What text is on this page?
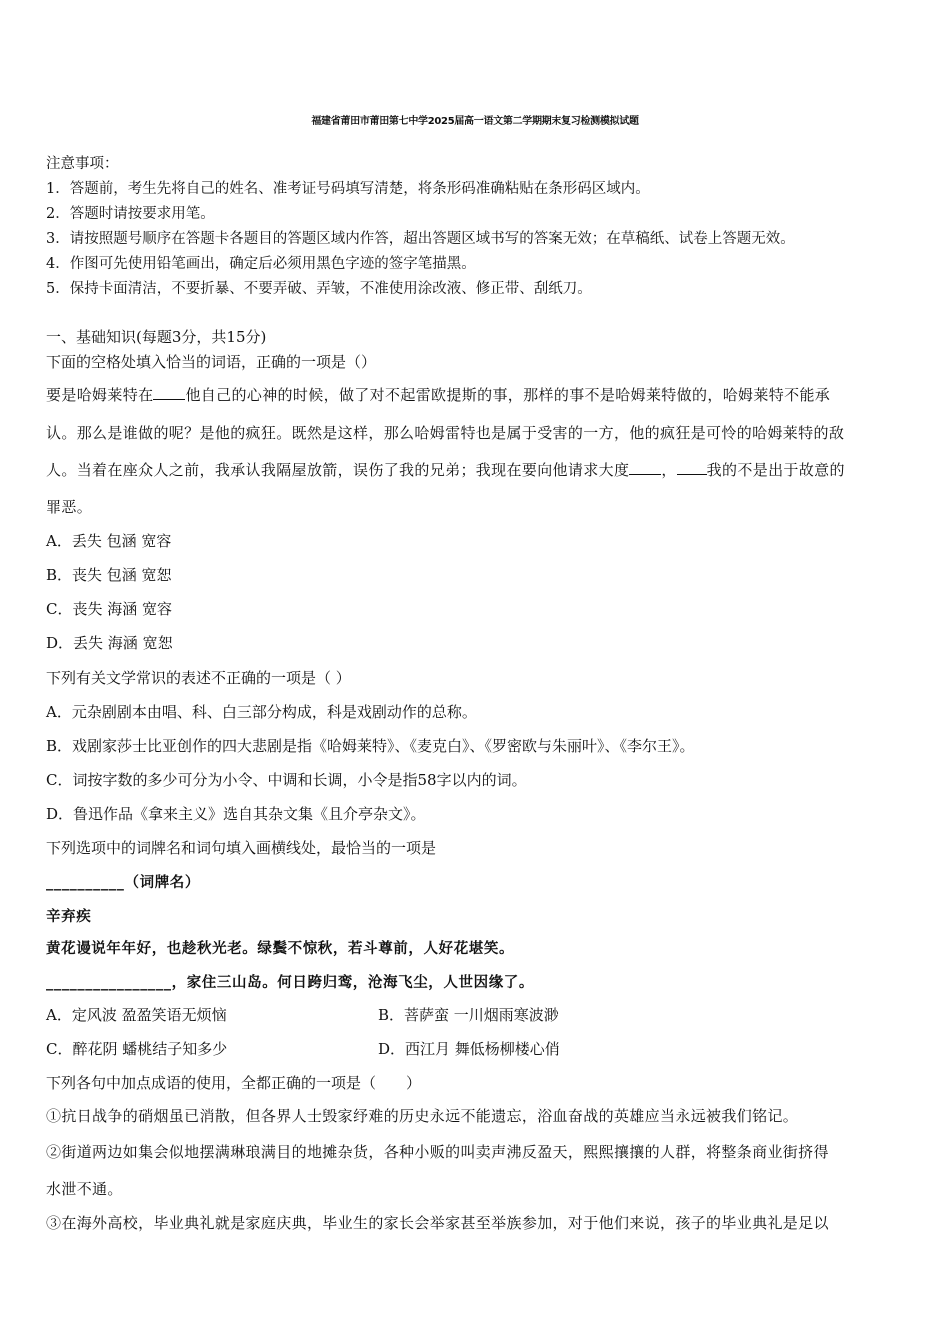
福建省莆田市莆田第七中学2025届高一语文第二学期期末复习检测模拟试题
注意事项：
1．答题前，考生先将自己的姓名、准考证号码填写清楚，将条形码准确粘贴在条形码区域内。
2．答题时请按要求用笔。
3．请按照题号顺序在答题卡各题目的答题区域内作答，超出答题区域书写的答案无效；在草稿纸、试卷上答题无效。
4．作图可先使用铅笔画出，确定后必须用黑色字迹的签字笔描黑。
5．保持卡面清洁，不要折暴、不要弄破、弄皱，不准使用涂改液、修正带、刮纸刀。
一、基础知识(每题3分，共15分)
下面的空格处填入恰当的词语，正确的一项是（）
要是哈姆莱特在 他自己的心神的时候，做了对不起雷欧提斯的事，那样的事不是哈姆莱特做的，哈姆莱特不能承
认。那么是谁做的呢？是他的疯狂。既然是这样，那么哈姆雷特也是属于受害的一方，他的疯狂是可怜的哈姆莱特的敌
人。当着在座众人之前，我承认我隔屋放箭，误伤了我的兄弟；我现在要向他请求大度 ， 我的不是出于故意的
罪恶。
A．丢失 包涵 宽容
B．丧失 包涵 宽恕
C．丧失 海涵 宽容
D．丢失 海涵 宽恕
下列有关文学常识的表述不正确的一项是（ ）
A．元杂剧剧本由唱、科、白三部分构成，科是戏剧动作的总称。
B．戏剧家莎士比亚创作的四大悲剧是指《哈姆莱特》、《麦克白》、《罗密欧与朱丽叶》、《李尔王》。
C．词按字数的多少可分为小令、中调和长调，小令是指58字以内的词。
D．鲁迅作品《拿来主义》选自其杂文集《且介亭杂文》。
下列选项中的词牌名和词句填入画横线处，最恰当的一项是
__________（词牌名）
辛弃疾
黄花谩说年年好，也趁秋光老。绿鬓不惊秋，若斗尊前，人好花堪笑。
________________，家住三山岛。何日跨归鸾，沧海飞尘，人世因缘了。
A．定风波 盈盈笑语无烦恼	B．菩萨蛮 一川烟雨寒波渺
C．醉花阴 蟠桃结子知多少	D．西江月 舞低杨柳楼心俏
下列各句中加点成语的使用，全都正确的一项是（　　）
①抗日战争的硝烟虽已消散，但各界人士毁家纾难的历史永远不能遗忘，浴血奋战的英雄应当永远被我们铭记。
②街道两边如集会似地摆满琳琅满目的地摊杂货，各种小贩的叫卖声沸反盈天，熙熙攘攘的人群，将整条商业街挤得
水泄不通。
③在海外高校，毕业典礼就是家庭庆典，毕业生的家长会举家甚至举族参加，对于他们来说，孩子的毕业典礼是足以
